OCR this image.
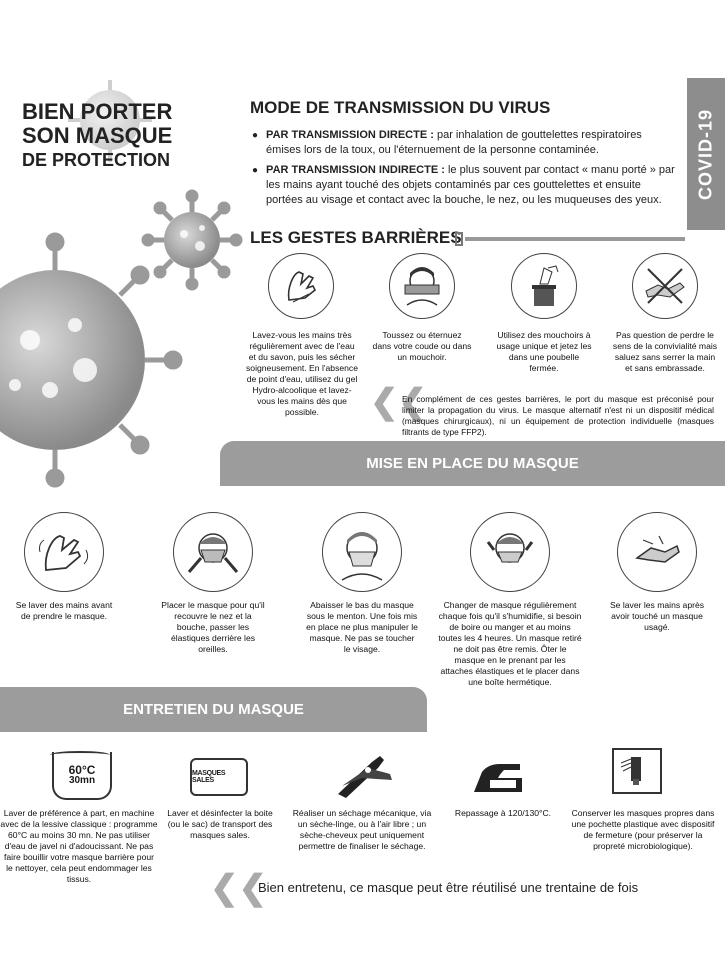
BIEN PORTER
SON MASQUE
DE PROTECTION	COVID-19
MODE DE TRANSMISSION DU VIRUS
● PAR TRANSMISSION DIRECTE : par inhalation de gouttelettes respiratoires émises lors de la toux, ou l'éternuement de la personne contaminée.
● PAR TRANSMISSION INDIRECTE : le plus souvent par contact « manu porté » par les mains ayant touché des objets contaminés par ces gouttelettes et ensuite portées au visage et contact avec la bouche, le nez, ou les muqueuses des yeux.
LES GESTES BARRIÈRES
Lavez-vous les mains très régulièrement avec de l'eau et du savon, puis les sécher soigneusement. En l'absence de point d'eau, utilisez du gel Hydro-alcoolique et lavez-vous les mains dès que possible.
Toussez ou éternuez dans votre coude ou dans un mouchoir.
Utilisez des mouchoirs à usage unique et jetez les dans une poubelle fermée.
Pas question de perdre le sens de la convivialité mais saluez sans serrer la main et sans embrassade.
❮❮
En complément de ces gestes barrières, le port du masque est préconisé pour limiter la propagation du virus. Le masque alternatif n'est ni un dispositif médical (masques chirurgicaux), ni un équipement de protection individuelle (masques filtrants de type FFP2).
MISE EN PLACE DU MASQUE
Se laver des mains avant de prendre le masque.
Placer le masque pour qu'il recouvre le nez et la bouche, passer les élastiques derrière les oreilles.
Abaisser le bas du masque sous le menton. Une fois mis en place ne plus manipuler le masque. Ne pas se toucher le visage.
Changer de masque régulièrement chaque fois qu'il s'humidifie, si besoin de boire ou manger et au moins toutes les 4 heures. Un masque retiré ne doit pas être remis. Ôter le masque en le prenant par les attaches élastiques et le placer dans une boîte hermétique.
Se laver les mains après avoir touché un masque usagé.
ENTRETIEN DU MASQUE
60°C
30mn
MASQUES SALES
Laver de préférence à part, en machine avec de la lessive classique : programme 60°C au moins 30 mn. Ne pas utiliser d'eau de javel ni d'adoucissant. Ne pas faire bouillir votre masque barrière pour le nettoyer, cela peut endommager les tissus.
Laver et désinfecter la boite (ou le sac) de transport des masques sales.
Réaliser un séchage mécanique, via un sèche-linge, ou à l'air libre ; un sèche-cheveux peut uniquement permettre de finaliser le séchage.
Repassage à 120/130°C.	Conserver les masques propres dans une pochette plastique avec dispositif de fermeture (pour préserver la propreté microbiologique).
❮❮
Bien entretenu, ce masque peut être réutilisé une trentaine de fois
